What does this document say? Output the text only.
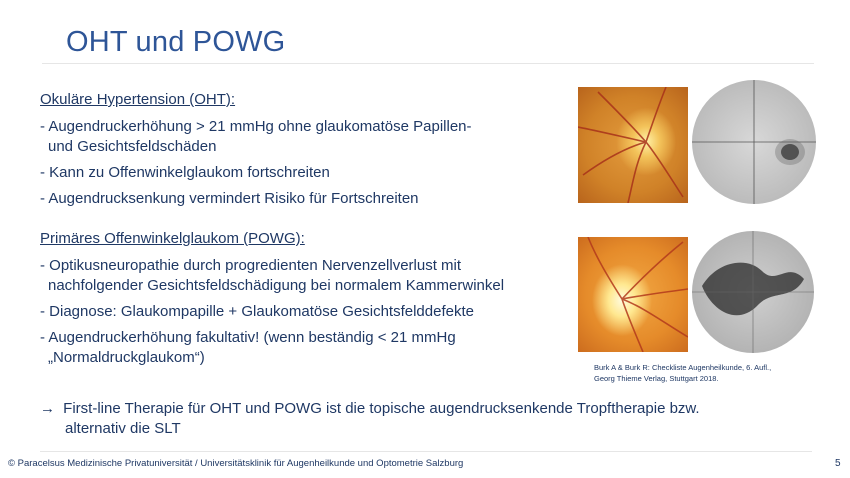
OHT und POWG
Okuläre Hypertension (OHT):
- Augendruckerhöhung > 21 mmHg ohne glaukomatöse Papillen-
und Gesichtsfeldschäden
- Kann zu Offenwinkelglaukom fortschreiten
- Augendrucksenkung vermindert Risiko für Fortschreiten
Primäres Offenwinkelglaukom (POWG):
- Optikusneuropathie durch progredienten Nervenzellverlust mit
nachfolgender Gesichtsfeldschädigung bei normalem Kammerwinkel
- Diagnose: Glaukompapille + Glaukomatöse Gesichtsfelddefekte
- Augendruckerhöhung fakultativ! (wenn beständig < 21 mmHg
„Normaldruckglaukom“)
→ First-line Therapie für OHT und POWG ist die topische augendrucksenkende Tropftherapie bzw.
alternativ die SLT
Burk A & Burk R: Checkliste Augenheilkunde, 6. Aufl.,
Georg Thieme Verlag, Stuttgart 2018.
© Paracelsus Medizinische Privatuniversität / Universitätsklinik für Augenheilkunde und Optometrie Salzburg	5
